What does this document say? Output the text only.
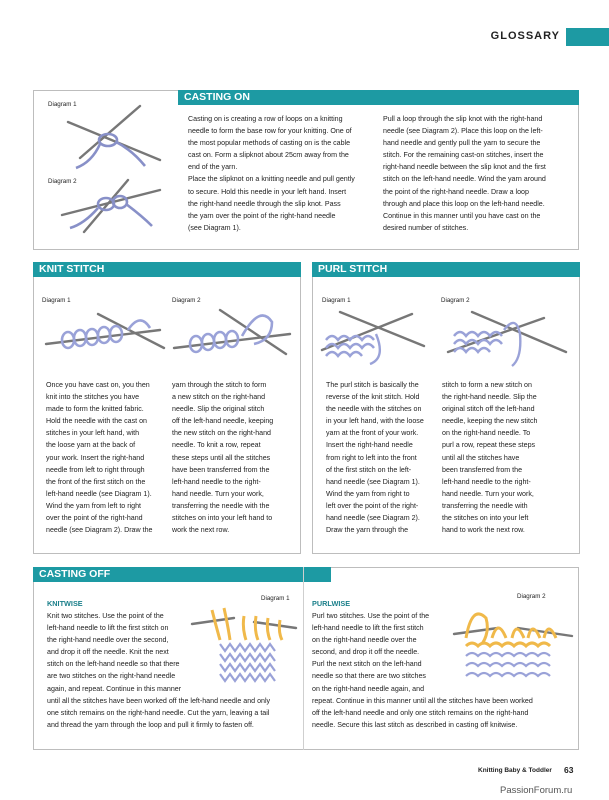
GLOSSARY
CASTING ON
Diagram 1
Diagram 2
Casting on is creating a row of loops on a knitting
needle to form the base row for your knitting. One of
the most popular methods of casting on is the cable
cast on. Form a slipknot about 25cm away from the
end of the yarn.
Place the slipknot on a knitting needle and pull gently
to secure. Hold this needle in your left hand. Insert
the right-hand needle through the slip knot. Pass
the yarn over the point of the right-hand needle
(see Diagram 1).
Pull a loop through the slip knot with the right-hand
needle (see Diagram 2). Place this loop on the left-
hand needle and gently pull the yarn to secure the
stitch. For the remaining cast-on stitches, insert the
right-hand needle between the slip knot and the first
stitch on the left-hand needle. Wind the yarn around
the point of the right-hand needle. Draw a loop
through and place this loop on the left-hand needle.
Continue in this manner until you have cast on the
desired number of stitches.
KNIT STITCH
Diagram 1	Diagram 2
Once you have cast on, you then
knit into the stitches you have
made to form the knitted fabric.
Hold the needle with the cast on
stitches in your left hand, with
the loose yarn at the back of
your work. Insert the right-hand
needle from left to right through
the front of the first stitch on the
left-hand needle (see Diagram 1).
Wind the yarn from left to right
over the point of the right-hand
needle (see Diagram 2). Draw the
yarn through the stitch to form
a new stitch on the right-hand
needle. Slip the original stitch
off the left-hand needle, keeping
the new stitch on the right-hand
needle. To knit a row, repeat
these steps until all the stitches
have been transferred from the
left-hand needle to the right-
hand needle. Turn your work,
transferring the needle with the
stitches on into your left hand to
work the next row.
PURL STITCH
Diagram 1	Diagram 2
The purl stitch is basically the
reverse of the knit stitch. Hold
the needle with the stitches on
in your left hand, with the loose
yarn at the front of your work.
Insert the right-hand needle
from right to left into the front
of the first stitch on the left-
hand needle (see Diagram 1).
Wind the yarn from right to
left over the point of the right-
hand needle (see Diagram 2).
Draw the yarn through the
stitch to form a new stitch on
the right-hand needle. Slip the
original stitch off the left-hand
needle, keeping the new stitch
on the right-hand needle. To
purl a row, repeat these steps
until all the stitches have
been transferred from the
left-hand needle to the right-
hand needle. Turn your work,
transferring the needle with
the stitches on into your left
hand to work the next row.
CASTING OFF
KNITWISE
Diagram 1
Knit two stitches. Use the point of the
left-hand needle to lift the first stitch on
the right-hand needle over the second,
and drop it off the needle. Knit the next
stitch on the left-hand needle so that there
are two stitches on the right-hand needle
again, and repeat. Continue in this manner
until all the stitches have been worked off the left-hand needle and only
one stitch remains on the right-hand needle. Cut the yarn, leaving a tail
and thread the yarn through the loop and pull it firmly to fasten off.
PURLWISE
Diagram 2
Purl two stitches. Use the point of the
left-hand needle to lift the first stitch
on the right-hand needle over the
second, and drop it off the needle.
Purl the next stitch on the left-hand
needle so that there are two stitches
on the right-hand needle again, and
repeat. Continue in this manner until all the stitches have been worked
off the left-hand needle and only one stitch remains on the right-hand
needle. Secure this last stitch as described in casting off knitwise.
Knitting Baby & Toddler 63
PassionForum.ru
